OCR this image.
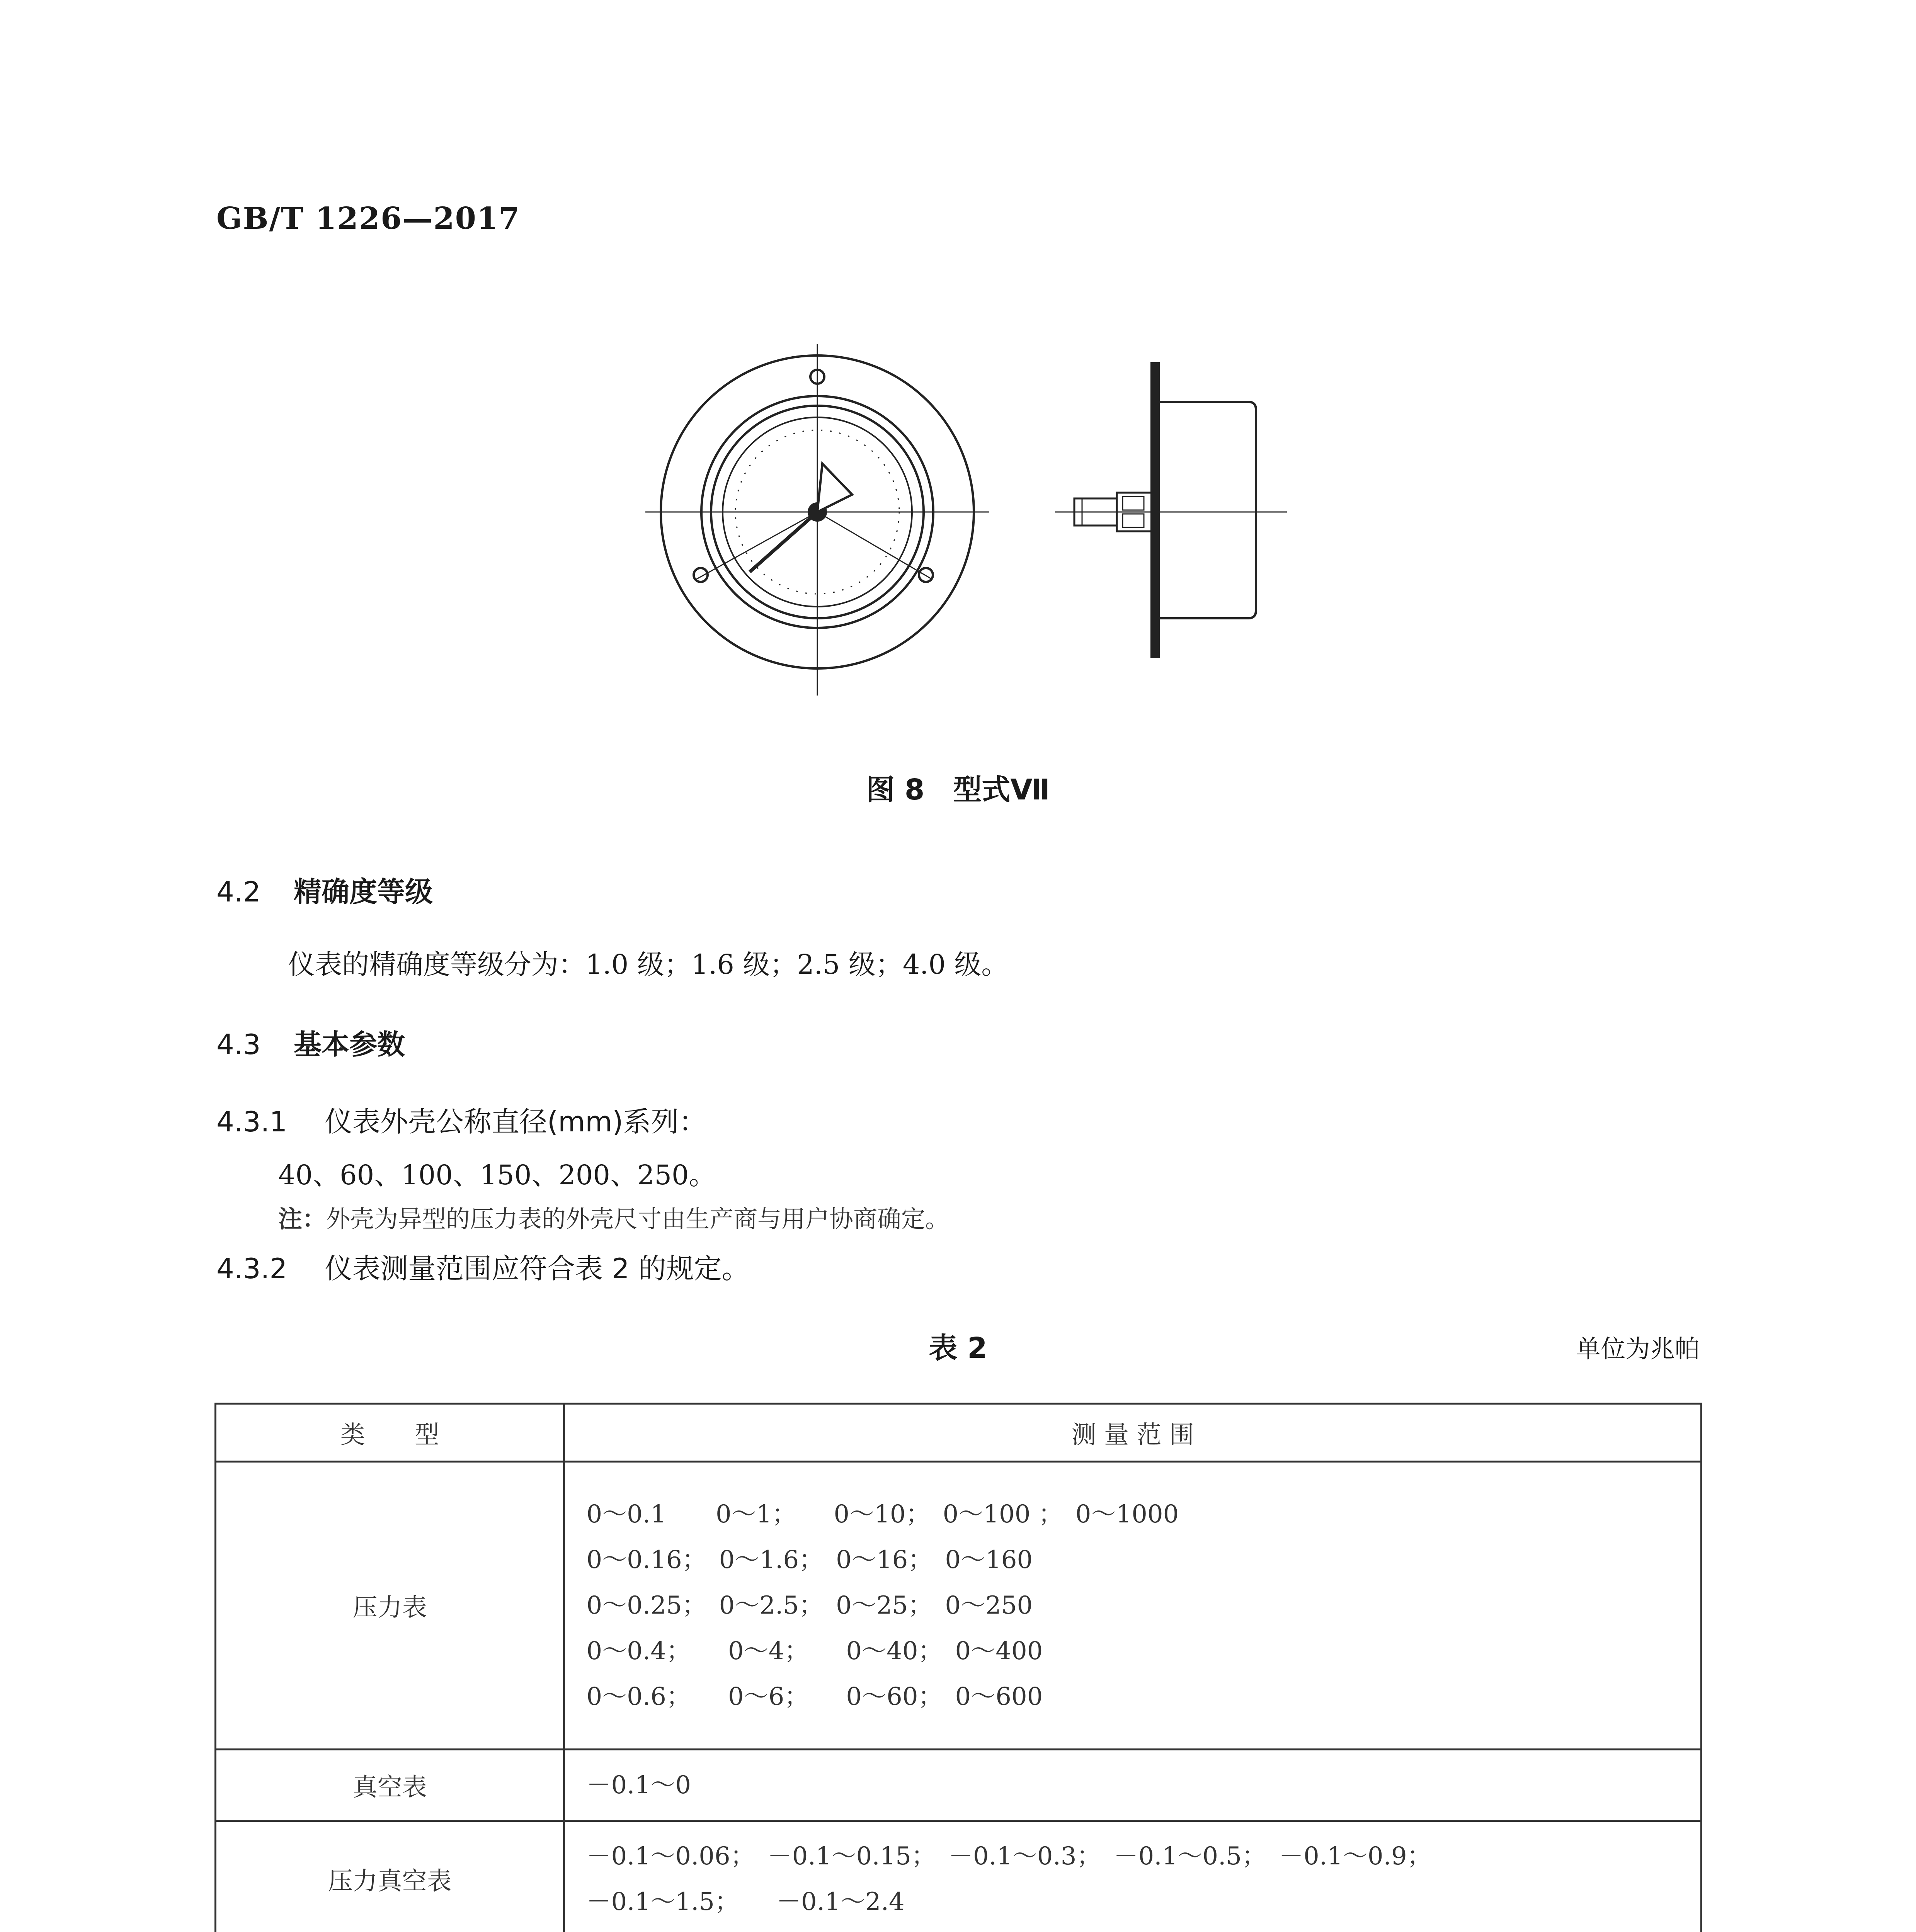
GB/T 1226—2017
图 8　型式Ⅶ
4.2 精确度等级
仪表的精确度等级分为：1.0 级；1.6 级；2.5 级；4.0 级。
4.3 基本参数
4.3.1 仪表外壳公称直径(mm)系列：
40、60、100、150、200、250。
注：外壳为异型的压力表的外壳尺寸由生产商与用户协商确定。
4.3.2 仪表测量范围应符合表 2 的规定。
表 2	单位为兆帕
类　　型	测 量 范 围
压力表	0～0.1　　0～1；　　0～10；　0～100 ；　0～1000
0～0.16；　0～1.6；　0～16；　0～160
0～0.25；　0～2.5；　0～25；　0～250
0～0.4；　　0～4；　　0～40；　0～400
0～0.6；　　0～6；　　0～60；　0～600
真空表	－0.1～0
压力真空表	－0.1～0.06；　－0.1～0.15；　－0.1～0.3；　－0.1～0.5；　－0.1～0.9；
－0.1～1.5；　　－0.1～2.4
